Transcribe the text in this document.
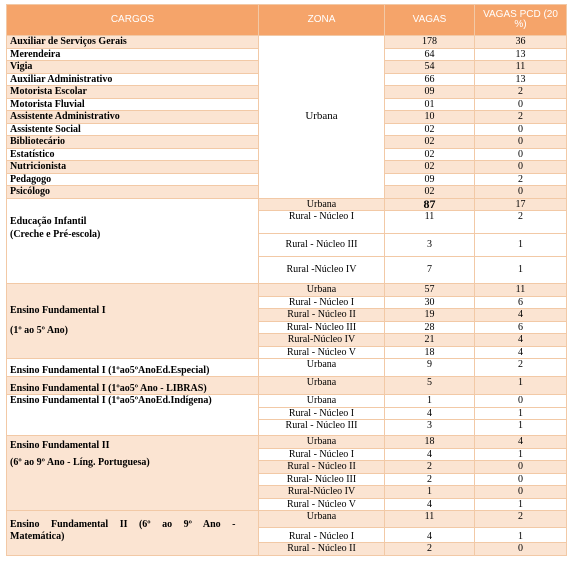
CARGOS	ZONA	VAGAS	VAGAS PCD (20 %)
Auxiliar de Serviços Gerais	Urbana	178	36
Merendeira		64	13
Vigia		54	11
Auxiliar Administrativo		66	13
Motorista Escolar		09	2
Motorista Fluvial		01	0
Assistente Administrativo		10	2
Assistente Social		02	0
Bibliotecário		02	0
Estatístico		02	0
Nutricionista		02	0
Pedagogo		09	2
Psicólogo		02	0
Educação Infantil
(Creche e Pré-escola)	Urbana	87	17
	Rural - Núcleo I	11	2
	Rural - Núcleo III	3	1
	Rural -Núcleo IV	7	1
Ensino Fundamental I
(1º ao 5º Ano)	Urbana	57	11
	Rural - Núcleo I	30	6
	Rural - Núcleo II	19	4
	Rural- Núcleo III	28	6
	Rural-Núcleo IV	21	4
	Rural - Núcleo V	18	4
Ensino Fundamental I (1ºao5ºAnoEd.Especial)	Urbana	9	2
Ensino Fundamental I (1ºao5º Ano - LIBRAS)	Urbana	5	1
Ensino Fundamental I (1ºao5ºAnoEd.Indígena)	Urbana	1	0
	Rural - Núcleo I	4	1
	Rural - Núcleo III	3	1
Ensino Fundamental II
(6º ao 9º Ano - Líng. Portuguesa)	Urbana	18	4
	Rural - Núcleo I	4	1
	Rural - Núcleo II	2	0
	Rural- Núcleo III	2	0
	Rural-Núcleo IV	1	0
	Rural - Núcleo V	4	1
Ensino Fundamental II (6º ao 9º Ano -
Matemática)	Urbana	11	2
	Rural - Núcleo I	4	1
	Rural - Núcleo II	2	0
